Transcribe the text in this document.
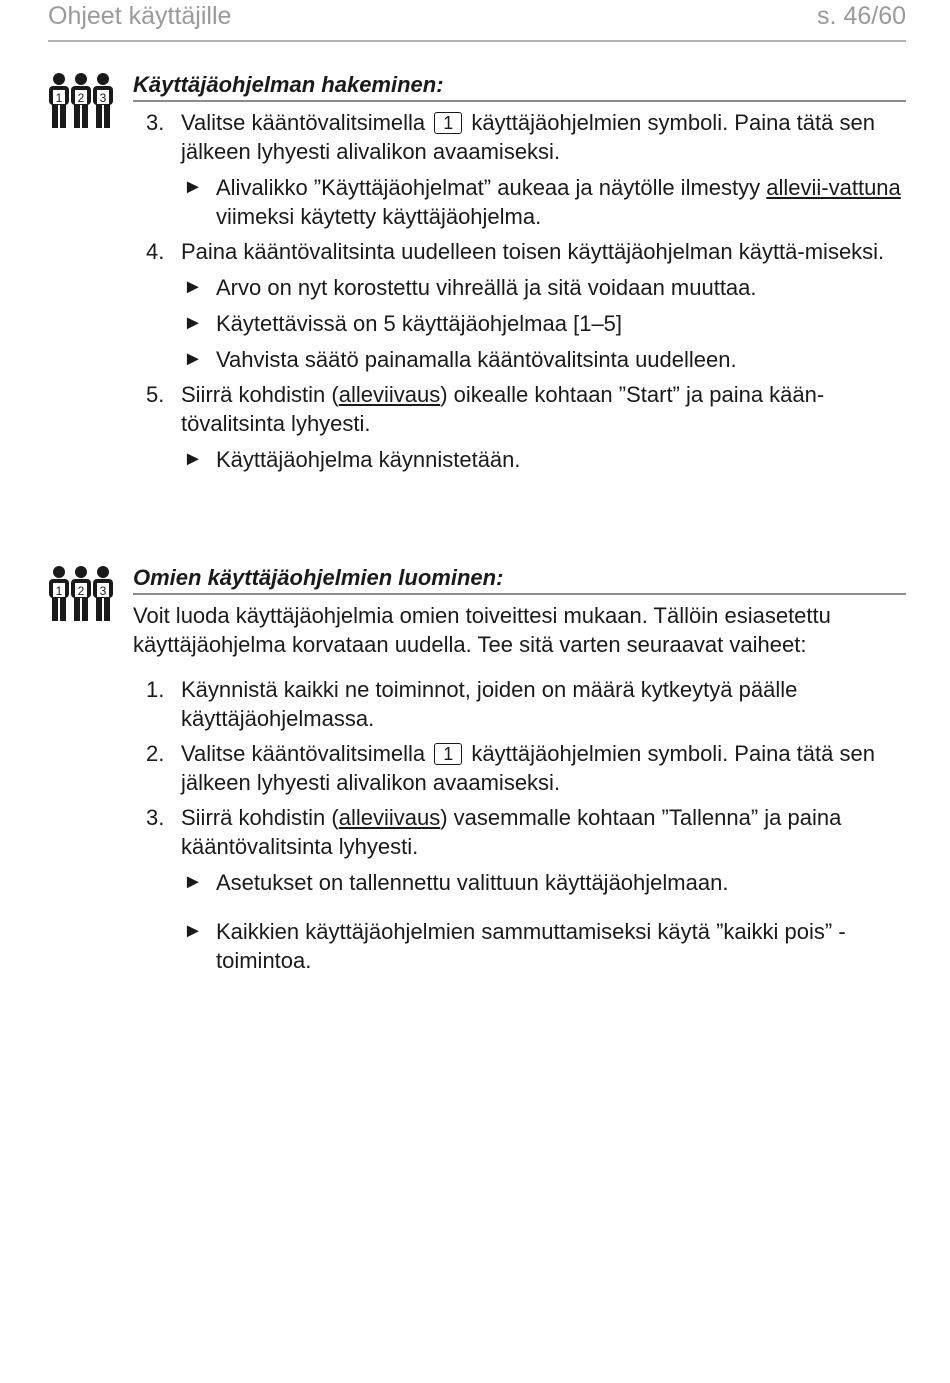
Ohjeet käyttäjille	s. 46/60
1 2 3
Käyttäjäohjelman hakeminen:
3. Valitse kääntövalitsimella 1 käyttäjäohjelmien symboli. Paina tätä sen jälkeen lyhyesti alivalikon avaamiseksi.
► Alivalikko ”Käyttäjäohjelmat” aukeaa ja näytölle ilmestyy allevii-vattuna viimeksi käytetty käyttäjäohjelma.
4. Paina kääntövalitsinta uudelleen toisen käyttäjäohjelman käyttä-miseksi.
► Arvo on nyt korostettu vihreällä ja sitä voidaan muuttaa.
► Käytettävissä on 5 käyttäjäohjelmaa [1–5]
► Vahvista säätö painamalla kääntövalitsinta uudelleen.
5. Siirrä kohdistin (alleviivaus) oikealle kohtaan ”Start” ja paina kään-tövalitsinta lyhyesti.
► Käyttäjäohjelma käynnistetään.
1 2 3
Omien käyttäjäohjelmien luominen:

Voit luoda käyttäjäohjelmia omien toiveittesi mukaan. Tällöin esiasetettu käyttäjäohjelma korvataan uudella. Tee sitä varten seuraavat vaiheet:

1. Käynnistä kaikki ne toiminnot, joiden on määrä kytkeytyä päälle käyttäjäohjelmassa.
2. Valitse kääntövalitsimella 1 käyttäjäohjelmien symboli. Paina tätä sen jälkeen lyhyesti alivalikon avaamiseksi.
3. Siirrä kohdistin (alleviivaus) vasemmalle kohtaan ”Tallenna” ja paina kääntövalitsinta lyhyesti.
► Asetukset on tallennettu valittuun käyttäjäohjelmaan.
► Kaikkien käyttäjäohjelmien sammuttamiseksi käytä ”kaikki pois” -toimintoa.
